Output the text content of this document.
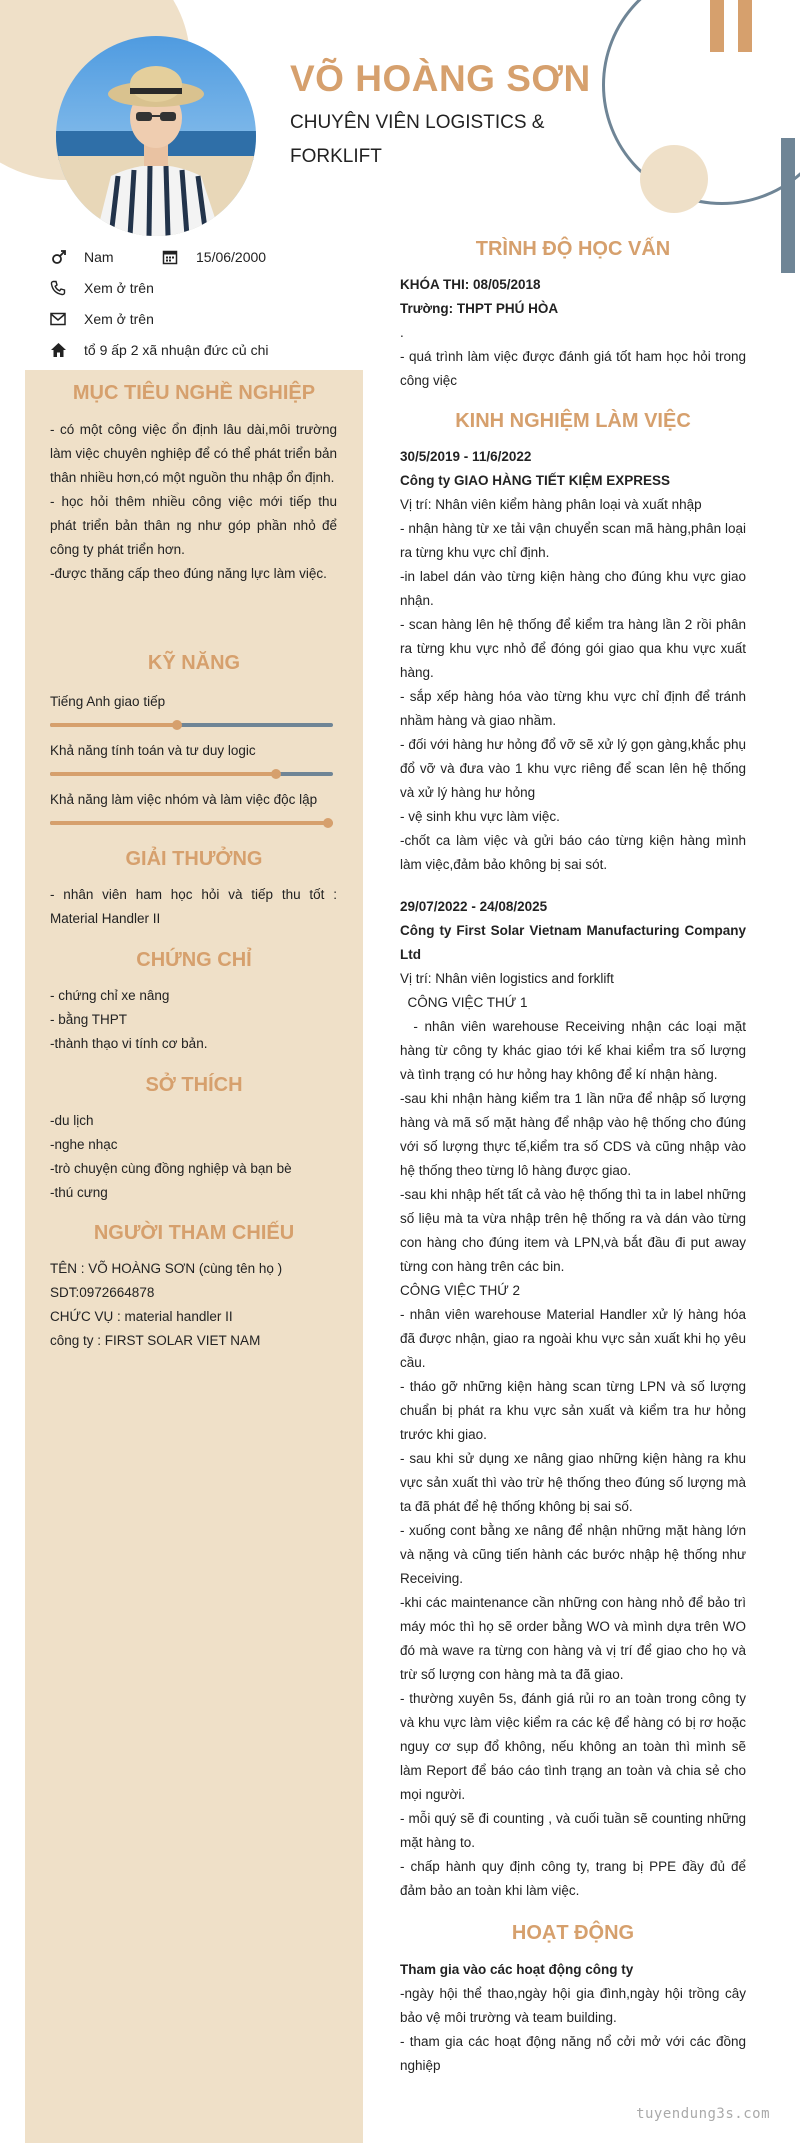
VÕ HOÀNG SƠN
CHUYÊN VIÊN LOGISTICS & FORKLIFT
Nam	15/06/2000
Xem ở trên
Xem ở trên
tổ 9 ấp 2 xã nhuận đức củ chi
MỤC TIÊU NGHỀ NGHIỆP

- có một công việc ổn định lâu dài,môi trường làm việc chuyên nghiệp để có thể phát triển bản thân nhiều hơn,có một nguồn thu nhập ổn định.

- học hỏi thêm nhiều công việc mới tiếp thu phát triển bản thân ng như góp phần nhỏ để công ty phát triển hơn.

-được thăng cấp theo đúng năng lực làm việc.

KỸ NĂNG
Tiếng Anh giao tiếp
Khả năng tính toán và tư duy logic
Khả năng làm việc nhóm và làm việc độc lập
GIẢI THƯỞNG
- nhân viên ham học hỏi và tiếp thu tốt : Material Handler II
CHỨNG CHỈ

- chứng chỉ xe nâng

- bằng THPT

-thành thạo vi tính cơ bản.

SỞ THÍCH

-du lịch

-nghe nhạc

-trò chuyện cùng đồng nghiệp và bạn bè

-thú cưng

NGƯỜI THAM CHIẾU

TÊN : VÕ HOÀNG SƠN (cùng tên họ )

SDT:0972664878

CHỨC VỤ : material handler II

công ty : FIRST SOLAR VIET NAM

TRÌNH ĐỘ HỌC VẤN

KHÓA THI: 08/05/2018

Trường: THPT PHÚ HÒA

.

- quá trình làm việc được đánh giá tốt ham học hỏi trong công việc

KINH NGHIỆM LÀM VIỆC

30/5/2019 - 11/6/2022

Công ty GIAO HÀNG TIẾT KIỆM EXPRESS

Vị trí: Nhân viên kiểm hàng phân loại và xuất nhập

- nhận hàng từ xe tải vận chuyển scan mã hàng,phân loại ra từng khu vực chỉ định.

-in label dán vào từng kiện hàng cho đúng khu vực giao nhận.

- scan hàng lên hệ thống để kiểm tra hàng lần 2 rồi phân ra từng khu vực nhỏ để đóng gói giao qua khu vực xuất hàng.

- sắp xếp hàng hóa vào từng khu vực chỉ định để tránh nhầm hàng và giao nhầm.

- đối với hàng hư hỏng đổ vỡ sẽ xử lý gọn gàng,khắc phụ đổ vỡ và đưa vào 1 khu vực riêng để scan lên hệ thống và xử lý hàng hư hỏng

- vệ sinh khu vực làm việc.

-chốt ca làm việc và gửi báo cáo từng kiện hàng mình làm việc,đảm bảo không bị sai sót.

29/07/2022 - 24/08/2025

Công ty First Solar Vietnam Manufacturing Company Ltd

Vị trí: Nhân viên logistics and forklift

CÔNG VIỆC THỨ 1

- nhân viên warehouse Receiving nhận các loại mặt hàng từ công ty khác giao tới kế khai kiểm tra số lượng và tình trạng có hư hỏng hay không để kí nhận hàng.

-sau khi nhận hàng kiểm tra 1 lần nữa để nhập số lượng hàng và mã số mặt hàng để nhập vào hệ thống cho đúng với số lượng thực tế,kiểm tra số CDS và cũng nhập vào hệ thống theo từng lô hàng được giao.

-sau khi nhập hết tất cả vào hệ thống thì ta in label những số liệu mà ta vừa nhập trên hệ thống ra và dán vào từng con hàng cho đúng item và LPN,và bắt đầu đi put away từng con hàng trên các bin.

CÔNG VIỆC THỨ 2

- nhân viên warehouse Material Handler xử lý hàng hóa đã được nhận, giao ra ngoài khu vực sản xuất khi họ yêu cầu.

- tháo gỡ những kiện hàng scan từng LPN và số lượng chuẩn bị phát ra khu vực sản xuất và kiểm tra hư hỏng trước khi giao.

- sau khi sử dụng xe nâng giao những kiện hàng ra khu vực sản xuất thì vào trừ hệ thống theo đúng số lượng mà ta đã phát để hệ thống không bị sai số.

- xuống cont bằng xe nâng để nhận những mặt hàng lớn và nặng và cũng tiến hành các bước nhập hệ thống như Receiving.

-khi các maintenance cần những con hàng nhỏ để bảo trì máy móc thì họ sẽ order bằng WO và mình dựa trên WO đó mà wave ra từng con hàng và vị trí để giao cho họ và trừ số lượng con hàng mà ta đã giao.

- thường xuyên 5s, đánh giá rủi ro an toàn trong công ty và khu vực làm việc kiểm ra các kệ để hàng có bị rơ hoặc nguy cơ sụp đổ không, nếu không an toàn thì mình sẽ làm Report để báo cáo tình trạng an toàn và chia sẻ cho mọi người.

- mỗi quý sẽ đi counting , và cuối tuần sẽ counting những mặt hàng to.

- chấp hành quy định công ty, trang bị PPE đầy đủ để đảm bảo an toàn khi làm việc.

HOẠT ĐỘNG

Tham gia vào các hoạt động công ty

-ngày hội thể thao,ngày hội gia đình,ngày hội trồng cây bảo vệ môi trường và team building.

- tham gia các hoạt động năng nổ cởi mở với các đồng nghiệp

tuyendung3s.com
